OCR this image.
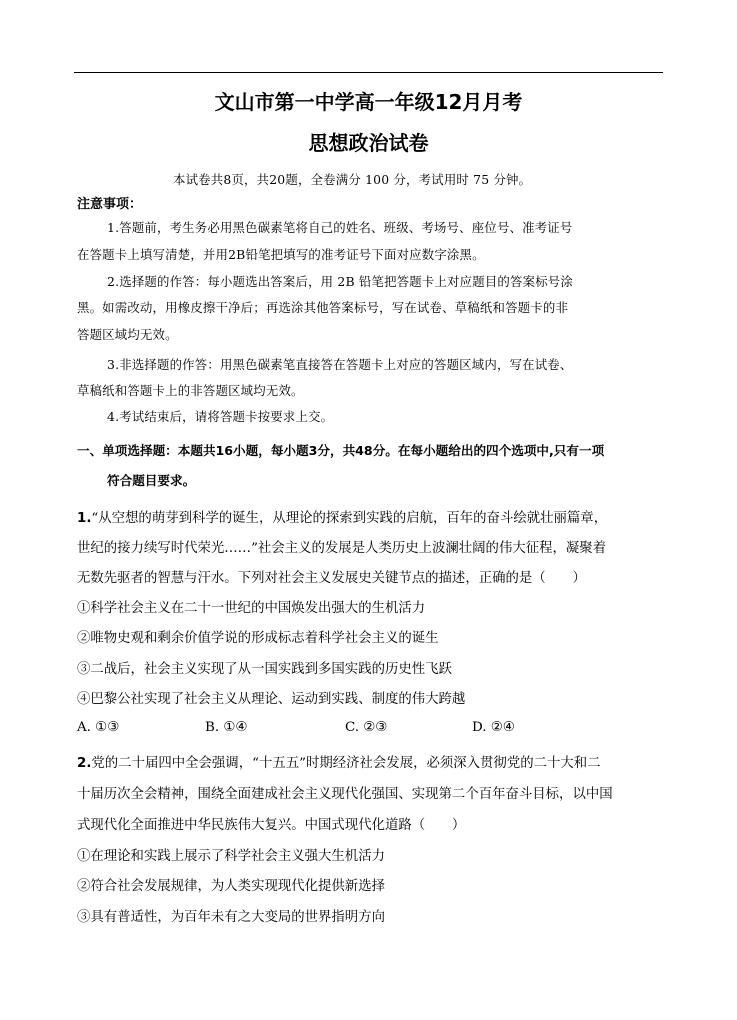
文山市第一中学高一年级12月月考
思想政治试卷
本试卷共8页，共20题，全卷满分 100 分，考试用时 75 分钟。
注意事项：
1.答题前，考生务必用黑色碳素笔将自己的姓名、班级、考场号、座位号、准考证号
在答题卡上填写清楚，并用2B铅笔把填写的准考证号下面对应数字涂黑。
2.选择题的作答：每小题选出答案后，用 2B 铅笔把答题卡上对应题目的答案标号涂
黑。如需改动，用橡皮擦干净后；再选涂其他答案标号，写在试卷、草稿纸和答题卡的非
答题区域均无效。
3.非选择题的作答：用黑色碳素笔直接答在答题卡上对应的答题区域内，写在试卷、
草稿纸和答题卡上的非答题区域均无效。
4.考试结束后，请将答题卡按要求上交。
一、单项选择题：本题共16小题，每小题3分，共48分。在每小题给出的四个选项中,只有一项
符合题目要求。
1.“从空想的萌芽到科学的诞生，从理论的探索到实践的启航，百年的奋斗绘就壮丽篇章，
世纪的接力续写时代荣光……”社会主义的发展是人类历史上波澜壮阔的伟大征程，凝聚着
无数先驱者的智慧与汗水。下列对社会主义发展史关键节点的描述，正确的是（　　）
①科学社会主义在二十一世纪的中国焕发出强大的生机活力
②唯物史观和剩余价值学说的形成标志着科学社会主义的诞生
③二战后，社会主义实现了从一国实践到多国实践的历史性飞跃
④巴黎公社实现了社会主义从理论、运动到实践、制度的伟大跨越
A. ①③	B. ①④	C. ②③	D. ②④
2.党的二十届四中全会强调，“十五五”时期经济社会发展，必须深入贯彻党的二十大和二
十届历次全会精神，围绕全面建成社会主义现代化强国、实现第二个百年奋斗目标，以中国
式现代化全面推进中华民族伟大复兴。中国式现代化道路（　　）
①在理论和实践上展示了科学社会主义强大生机活力
②符合社会发展规律，为人类实现现代化提供新选择
③具有普适性，为百年未有之大变局的世界指明方向
